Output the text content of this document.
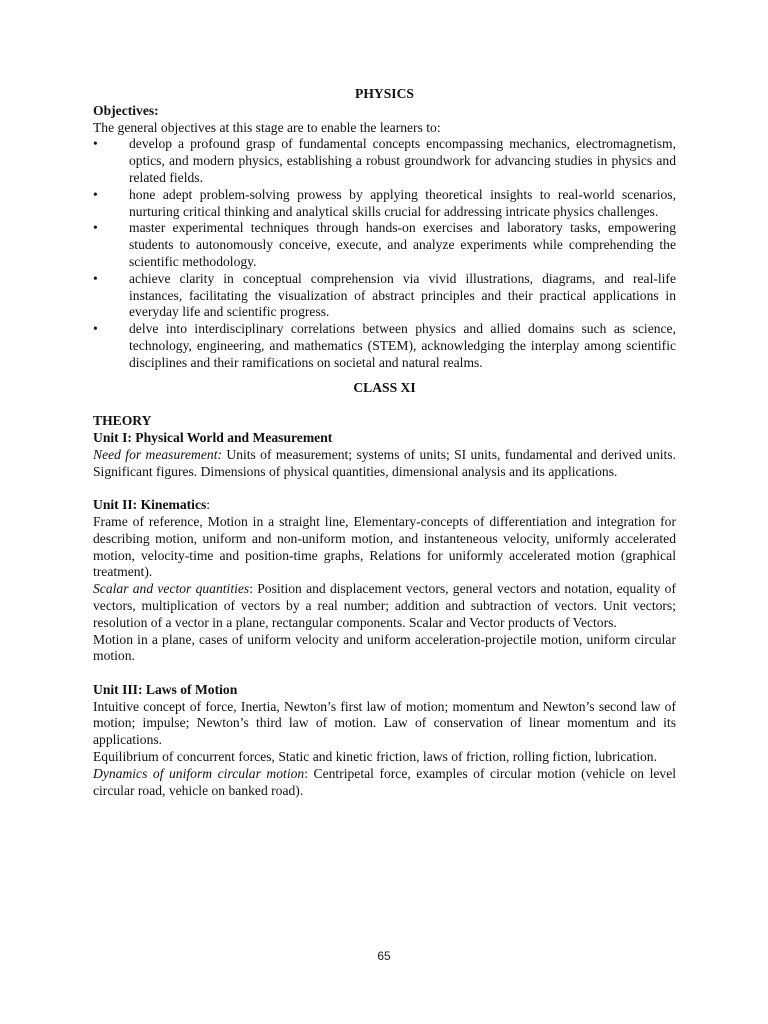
PHYSICS
Objectives:
The general objectives at this stage are to enable the learners to:
•	develop a profound grasp of fundamental concepts encompassing mechanics, electromagnetism, optics, and modern physics, establishing a robust groundwork for advancing studies in physics and related fields.
•	hone adept problem-solving prowess by applying theoretical insights to real-world scenarios, nurturing critical thinking and analytical skills crucial for addressing intricate physics challenges.
•	master experimental techniques through hands-on exercises and laboratory tasks, empowering students to autonomously conceive, execute, and analyze experiments while comprehending the scientific methodology.
•	achieve clarity in conceptual comprehension via vivid illustrations, diagrams, and real-life instances, facilitating the visualization of abstract principles and their practical applications in everyday life and scientific progress.
•	delve into interdisciplinary correlations between physics and allied domains such as science, technology, engineering, and mathematics (STEM), acknowledging the interplay among scientific disciplines and their ramifications on societal and natural realms.
CLASS XI
THEORY
Unit I: Physical World and Measurement
Need for measurement: Units of measurement; systems of units; SI units, fundamental and derived units. Significant figures. Dimensions of physical quantities, dimensional analysis and its applications.
Unit II: Kinematics:
Frame of reference, Motion in a straight line, Elementary-concepts of differentiation and integration for describing motion, uniform and non-uniform motion, and instanteneous velocity, uniformly accelerated motion, velocity-time and position-time graphs, Relations for uniformly accelerated motion (graphical treatment).
Scalar and vector quantities: Position and displacement vectors, general vectors and notation, equality of vectors, multiplication of vectors by a real number; addition and subtraction of vectors. Unit vectors; resolution of a vector in a plane, rectangular components. Scalar and Vector products of Vectors.
Motion in a plane, cases of uniform velocity and uniform acceleration-projectile motion, uniform circular motion.
Unit III: Laws of Motion
Intuitive concept of force, Inertia, Newton’s first law of motion; momentum and Newton’s second law of motion; impulse; Newton’s third law of motion. Law of conservation of linear momentum and its applications.
Equilibrium of concurrent forces, Static and kinetic friction, laws of friction, rolling fiction, lubrication.
Dynamics of uniform circular motion: Centripetal force, examples of circular motion (vehicle on level circular road, vehicle on banked road).
65
